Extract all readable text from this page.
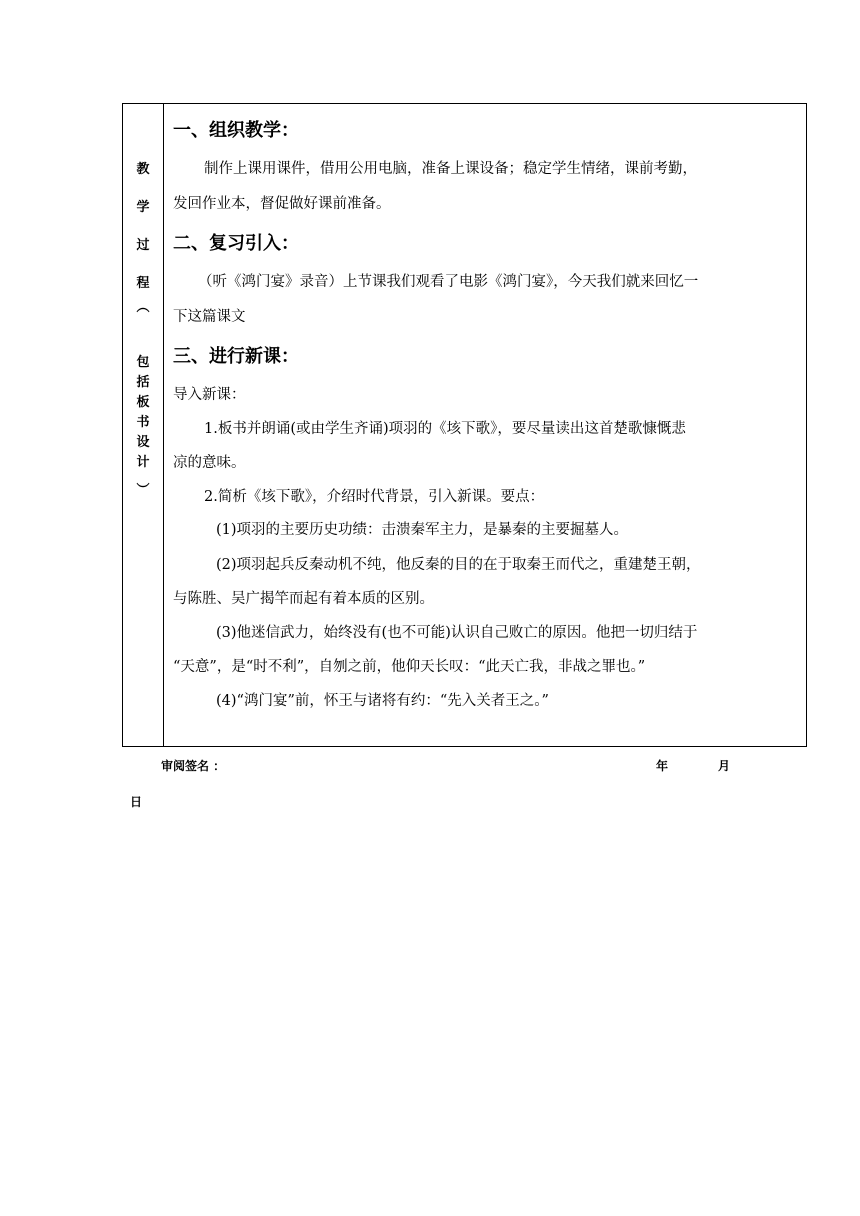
教
学
过
程
︵
包
括
板
书
设
计
︶
一、组织教学：
制作上课用课件，借用公用电脑，准备上课设备；稳定学生情绪，课前考勤，
发回作业本，督促做好课前准备。
二、复习引入：
（听《鸿门宴》录音）上节课我们观看了电影《鸿门宴》，今天我们就来回忆一
下这篇课文
三、进行新课：
导入新课：
1.板书并朗诵(或由学生齐诵)项羽的《垓下歌》，要尽量读出这首楚歌慷慨悲
凉的意味。
2.简析《垓下歌》，介绍时代背景，引入新课。要点：
(1)项羽的主要历史功绩：击溃秦军主力，是暴秦的主要掘墓人。
(2)项羽起兵反秦动机不纯，他反秦的目的在于取秦王而代之，重建楚王朝，
与陈胜、吴广揭竿而起有着本质的区别。
(3)他迷信武力，始终没有(也不可能)认识自己败亡的原因。他把一切归结于
“天意”，是“时不利”，自刎之前，他仰天长叹：“此天亡我，非战之罪也。”
(4)“鸿门宴”前，怀王与诸将有约：“先入关者王之。”
审阅签名 ：	年	月
日
